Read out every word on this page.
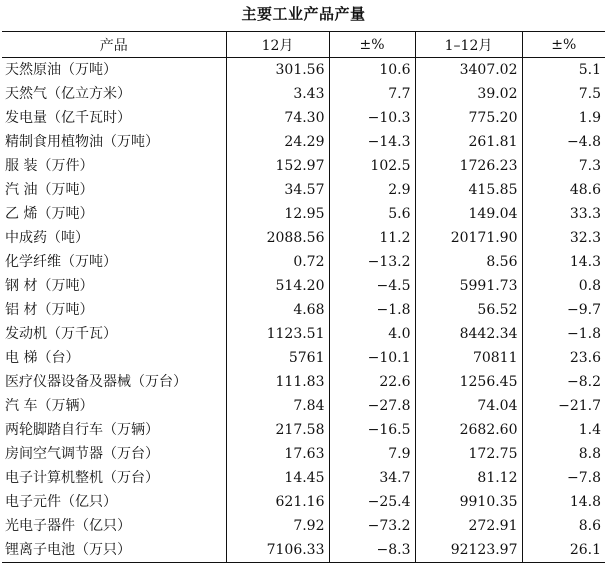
主要工业产品产量
产品	12月	±%	1–12月	±%
天然原油（万吨）	301.56	10.6	3407.02	5.1
天然气（亿立方米）	3.43	7.7	39.02	7.5
发电量（亿千瓦时）	74.30	−10.3	775.20	1.9
精制食用植物油（万吨）	24.29	−14.3	261.81	−4.8
服 装（万件）	152.97	102.5	1726.23	7.3
汽 油（万吨）	34.57	2.9	415.85	48.6
乙 烯（万吨）	12.95	5.6	149.04	33.3
中成药（吨）	2088.56	11.2	20171.90	32.3
化学纤维（万吨）	0.72	−13.2	8.56	14.3
钢 材（万吨）	514.20	−4.5	5991.73	0.8
铝 材（万吨）	4.68	−1.8	56.52	−9.7
发动机（万千瓦）	1123.51	4.0	8442.34	−1.8
电 梯（台）	5761	−10.1	70811	23.6
医疗仪器设备及器械（万台）	111.83	22.6	1256.45	−8.2
汽 车（万辆）	7.84	−27.8	74.04	−21.7
两轮脚踏自行车（万辆）	217.58	−16.5	2682.60	1.4
房间空气调节器（万台）	17.63	7.9	172.75	8.8
电子计算机整机（万台）	14.45	34.7	81.12	−7.8
电子元件（亿只）	621.16	−25.4	9910.35	14.8
光电子器件（亿只）	7.92	−73.2	272.91	8.6
锂离子电池（万只）	7106.33	−8.3	92123.97	26.1
